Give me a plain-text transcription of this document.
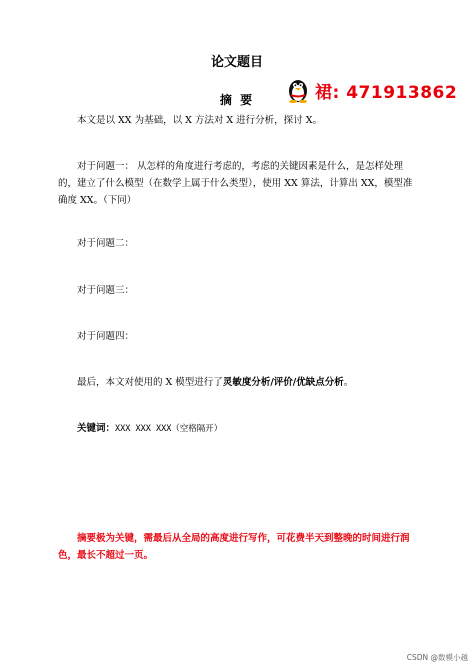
论文题目
裙: 471913862
摘 要

本文是以 XX 为基础，以 X 方法对 X 进行分析，探讨 X。

对于问题一： 从怎样的角度进行考虑的，考虑的关键因素是什么，是怎样处理的，建立了什么模型（在数学上属于什么类型），使用 XX 算法，计算出 XX，模型准确度 XX。（下同）

对于问题二：

对于问题三：

对于问题四：

最后，本文对使用的 X 模型进行了灵敏度分析/评价/优缺点分析。

关键词：XXX XXX XXX（空格隔开）

摘要极为关键，需最后从全局的高度进行写作，可花费半天到整晚的时间进行润色，最长不超过一页。

CSDN @数模小越
